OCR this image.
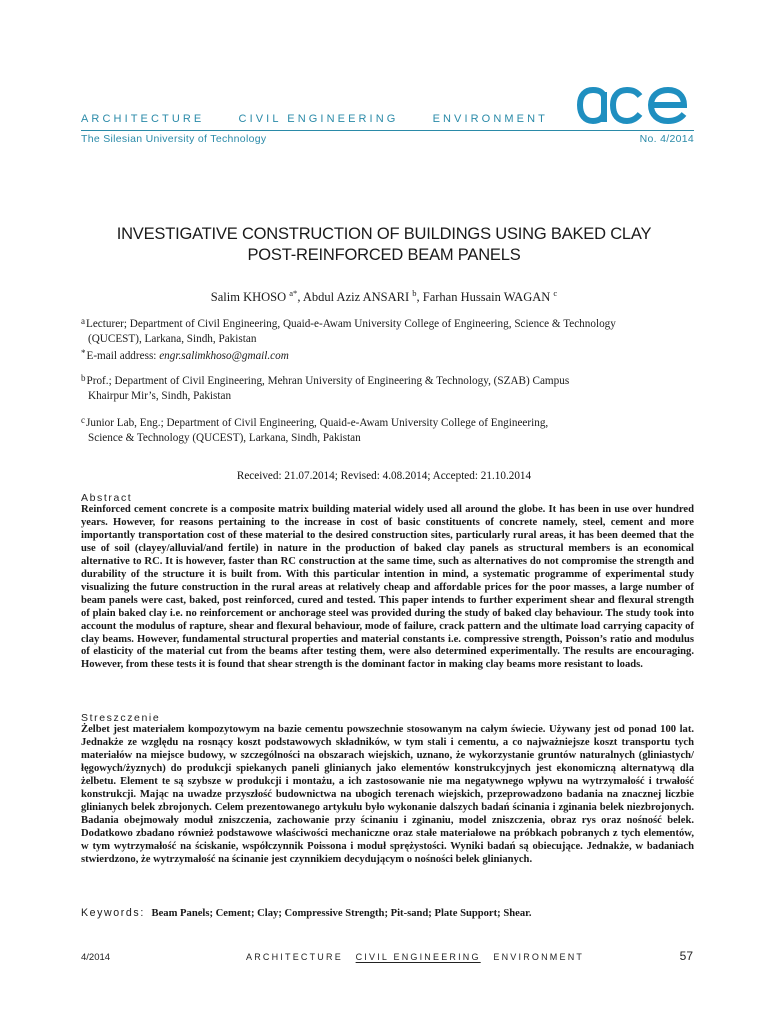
ARCHITECTURE	CIVIL ENGINEERING	ENVIRONMENT
The Silesian University of Technology	No. 4/2014
INVESTIGATIVE CONSTRUCTION OF BUILDINGS USING BAKED CLAY
POST-REINFORCED BEAM PANELS
Salim KHOSO $^{a*}$, Abdul Aziz ANSARI $^b$, Farhan Hussain WAGAN $^c$
$^a$Lecturer; Department of Civil Engineering, Quaid-e-Awam University College of Engineering, Science & Technology
(QUCEST), Larkana, Sindh, Pakistan
*E-mail address: engr.salimkhoso@gmail.com
$^b$Prof.; Department of Civil Engineering, Mehran University of Engineering & Technology, (SZAB) Campus
Khairpur Mir’s, Sindh, Pakistan
$^c$Junior Lab, Eng.; Department of Civil Engineering, Quaid-e-Awam University College of Engineering,
Science & Technology (QUCEST), Larkana, Sindh, Pakistan
Received: 21.07.2014; Revised: 4.08.2014; Accepted: 21.10.2014
Abstract
Reinforced cement concrete is a composite matrix building material widely used all around the globe. It has been in use over hundred years. However, for reasons pertaining to the increase in cost of basic constituents of concrete namely, steel, cement and more importantly transportation cost of these material to the desired construction sites, particularly rural areas, it has been deemed that the use of soil (clayey/alluvial/and fertile) in nature in the production of baked clay panels as structural members is an economical alternative to RC. It is however, faster than RC construction at the same time, such as alternatives do not compromise the strength and durability of the structure it is built from. With this particular intention in mind, a systematic programme of experimental study visualizing the future construction in the rural areas at relatively cheap and affordable prices for the poor masses, a large number of beam panels were cast, baked, post reinforced, cured and tested. This paper intends to further experiment shear and flexural strength of plain baked clay i.e. no reinforcement or anchorage steel was provided during the study of baked clay behaviour. The study took into account the modulus of rapture, shear and flexural behaviour, mode of failure, crack pattern and the ultimate load carrying capacity of clay beams. However, fundamental structural properties and material constants i.e. compressive strength, Poisson’s ratio and modulus of elasticity of the material cut from the beams after testing them, were also determined experimentally. The results are encouraging. However, from these tests it is found that shear strength is the dominant factor in making clay beams more resistant to loads.
Streszczenie
Żelbet jest materiałem kompozytowym na bazie cementu powszechnie stosowanym na całym świecie. Używany jest od ponad 100 lat. Jednakże ze względu na rosnący koszt podstawowych składników, w tym stali i cementu, a co najważniejsze koszt transportu tych materiałów na miejsce budowy, w szczególności na obszarach wiejskich, uznano, że wykorzystanie gruntów naturalnych (gliniastych/łęgowych/żyznych) do produkcji spiekanych paneli glinianych jako elementów konstrukcyjnych jest ekonomiczną alternatywą dla żelbetu. Element te są szybsze w produkcji i montażu, a ich zastosowanie nie ma negatywnego wpływu na wytrzymałość i trwałość konstrukcji. Mając na uwadze przyszłość budownictwa na ubogich terenach wiejskich, przeprowadzono badania na znacznej liczbie glinianych belek zbrojonych. Celem prezentowanego artykułu było wykonanie dalszych badań ścinania i zginania belek niezbrojonych. Badania obejmowały moduł zniszczenia, zachowanie przy ścinaniu i zginaniu, model zniszczenia, obraz rys oraz nośność belek. Dodatkowo zbadano również podstawowe właściwości mechaniczne oraz stałe materiałowe na próbkach pobranych z tych elementów, w tym wytrzymałość na ściskanie, współczynnik Poissona i moduł sprężystości. Wyniki badań są obiecujące. Jednakże, w badaniach stwierdzono, że wytrzymałość na ścinanie jest czynnikiem decydującym o nośności belek glinianych.
Keywords: Beam Panels; Cement; Clay; Compressive Strength; Pit-sand; Plate Support; Shear.
4/2014	ARCHITECTURE CIVIL ENGINEERING ENVIRONMENT	57
